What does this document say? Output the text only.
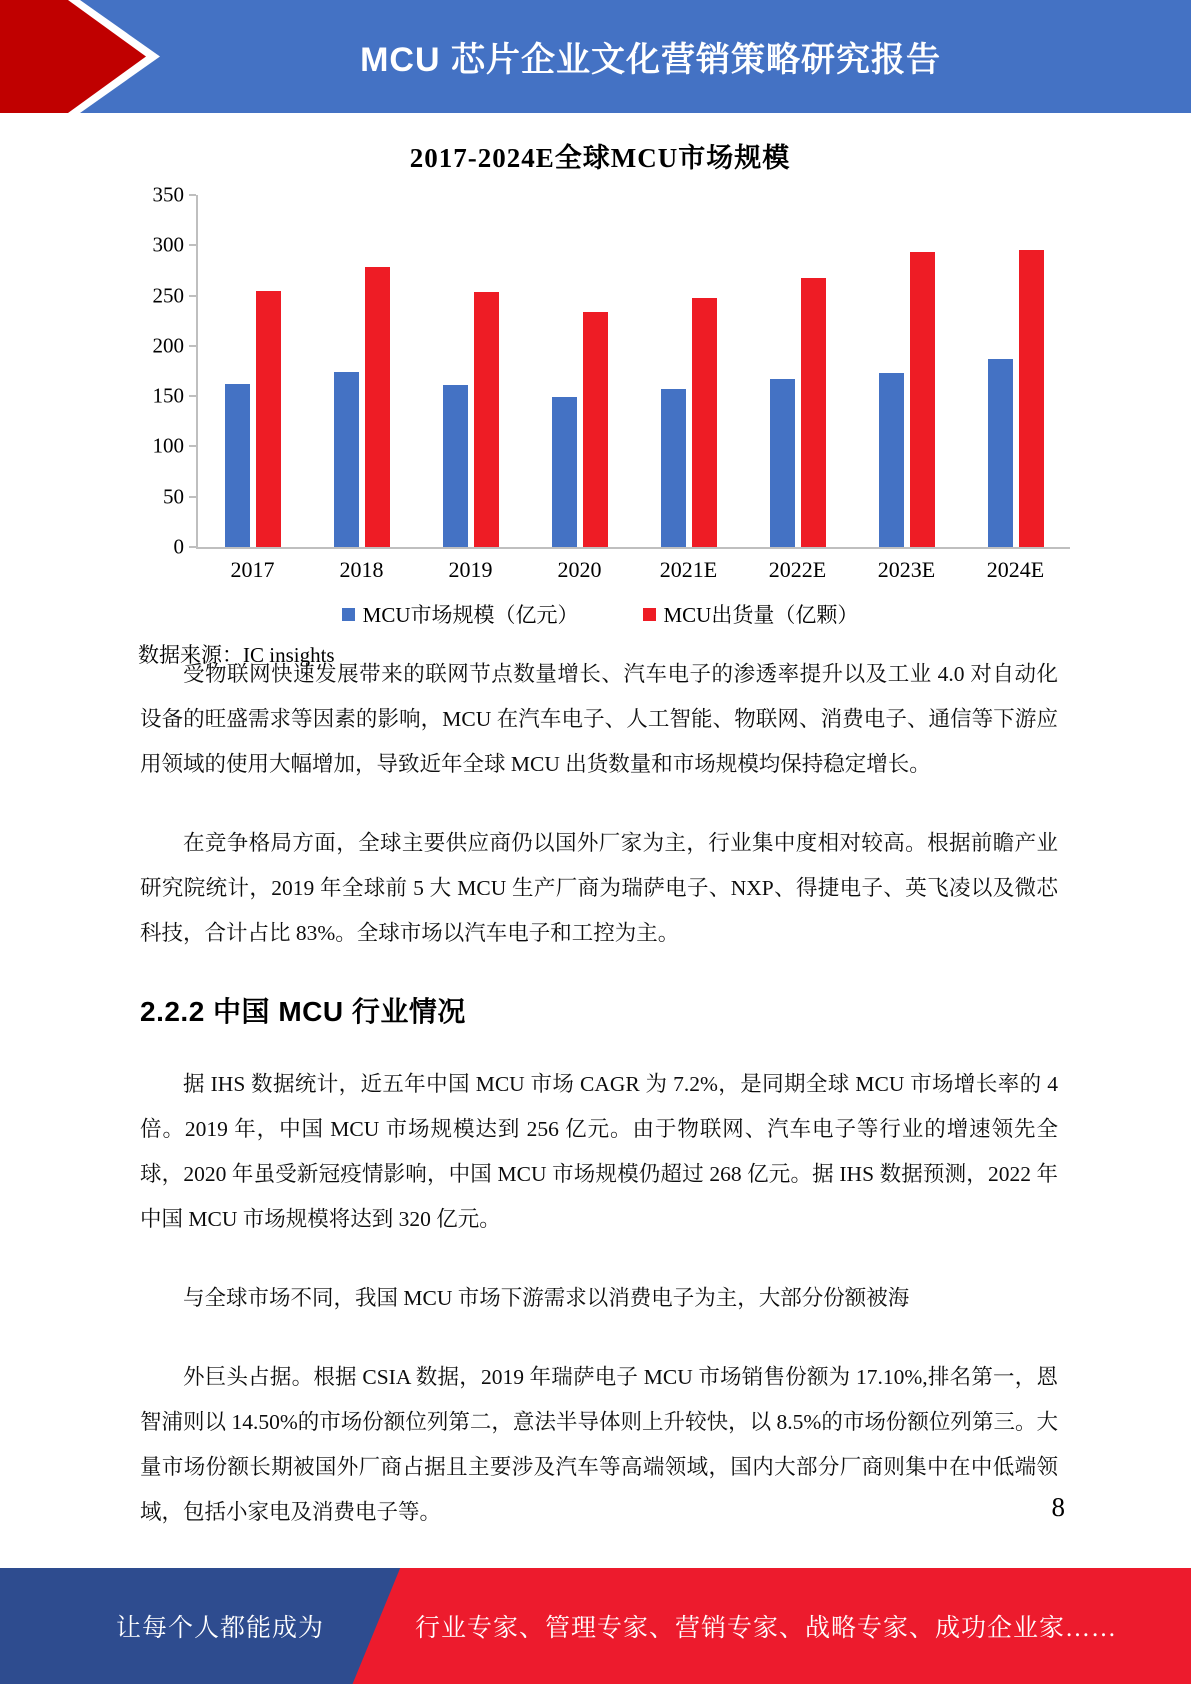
MCU 芯片企业文化营销策略研究报告
2017-2024E全球MCU市场规模
0
50
100
150
200
250
300
350
2017	2018	2019	2020	2021E	2022E	2023E	2024E
MCU市场规模（亿元）	MCU出货量（亿颗）
数据来源：IC insights

受物联网快速发展带来的联网节点数量增长、汽车电子的渗透率提升以及工业 4.0 对自动化设备的旺盛需求等因素的影响，MCU 在汽车电子、人工智能、物联网、消费电子、通信等下游应用领域的使用大幅增加，导致近年全球 MCU 出货数量和市场规模均保持稳定增长。

在竞争格局方面，全球主要供应商仍以国外厂家为主，行业集中度相对较高。根据前瞻产业研究院统计，2019 年全球前 5 大 MCU 生产厂商为瑞萨电子、NXP、得捷电子、英飞凌以及微芯科技，合计占比 83%。全球市场以汽车电子和工控为主。

2.2.2 中国 MCU 行业情况

据 IHS 数据统计，近五年中国 MCU 市场 CAGR 为 7.2%，是同期全球 MCU 市场增长率的 4 倍。2019 年，中国 MCU 市场规模达到 256 亿元。由于物联网、汽车电子等行业的增速领先全球，2020 年虽受新冠疫情影响，中国 MCU 市场规模仍超过 268 亿元。据 IHS 数据预测，2022 年中国 MCU 市场规模将达到 320 亿元。

与全球市场不同，我国 MCU 市场下游需求以消费电子为主，大部分份额被海

外巨头占据。根据 CSIA 数据，2019 年瑞萨电子 MCU 市场销售份额为 17.10%,排名第一，恩智浦则以 14.50%的市场份额位列第二，意法半导体则上升较快，以 8.5%的市场份额位列第三。大量市场份额长期被国外厂商占据且主要涉及汽车等高端领域，国内大部分厂商则集中在中低端领域，包括小家电及消费电子等。	8
让每个人都能成为	行业专家、管理专家、营销专家、战略专家、成功企业家……
